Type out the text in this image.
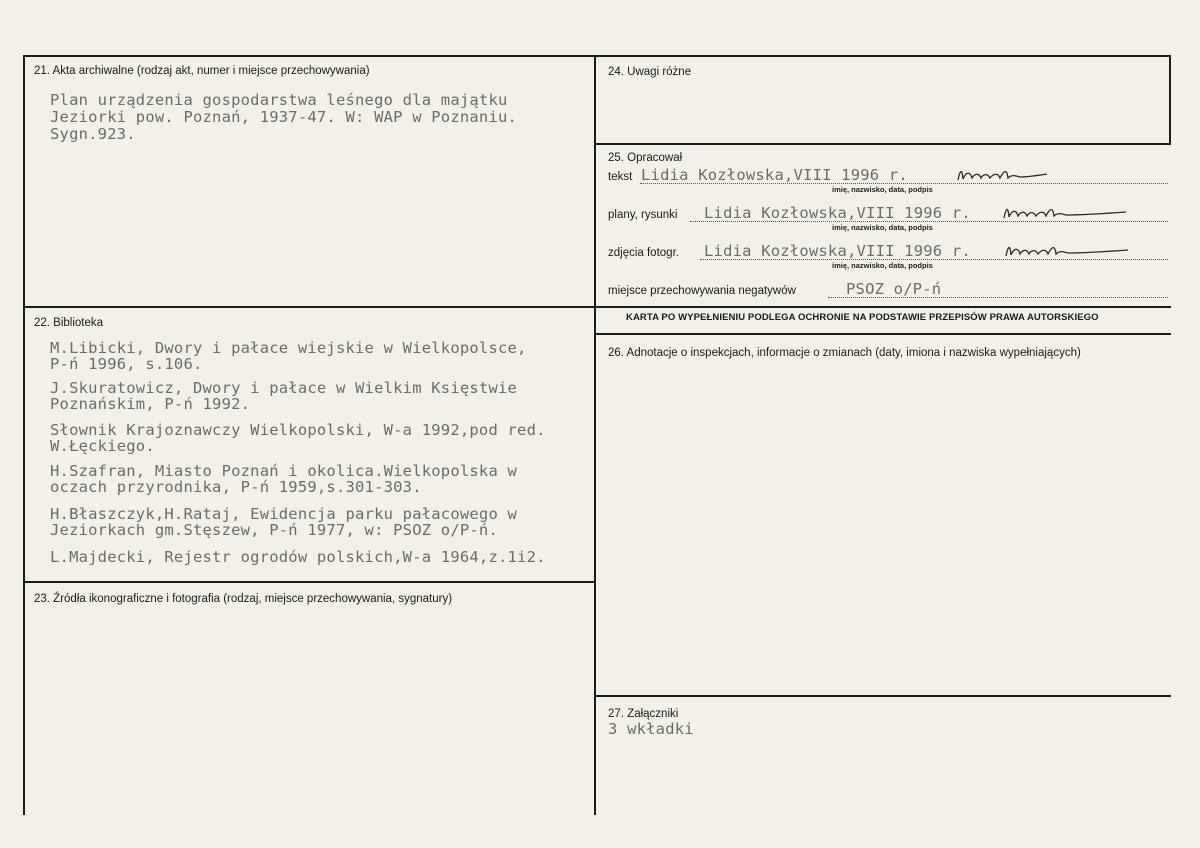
21. Akta archiwalne (rodzaj akt, numer i miejsce przechowywania)
Plan urządzenia gospodarstwa leśnego dla majątku
Jeziorki pow. Poznań, 1937-47. W: WAP w Poznaniu.
Sygn.923.
22. Biblioteka
M.Libicki, Dwory i pałace wiejskie w Wielkopolsce,
P-ń 1996, s.106.
J.Skuratowicz, Dwory i pałace w Wielkim Księstwie
Poznańskim, P-ń 1992.
Słownik Krajoznawczy Wielkopolski, W-a 1992,pod red.
W.Łęckiego.
H.Szafran, Miasto Poznań i okolica.Wielkopolska w
oczach przyrodnika, P-ń 1959,s.301-303.
H.Błaszczyk,H.Rataj, Ewidencja parku pałacowego w
Jeziorkach gm.Stęszew, P-ń 1977, w: PSOZ o/P-ń.
L.Majdecki, Rejestr ogrodów polskich,W-a 1964,z.1i2.
23. Źródła ikonograficzne i fotografia (rodzaj, miejsce przechowywania, sygnatury)
24. Uwagi różne
25. Opracował
tekst Lidia Kozłowska,VIII 1996 r.
imię, nazwisko, data, podpis
plany, rysunki Lidia Kozłowska,VIII 1996 r.
imię, nazwisko, data, podpis
zdjęcia fotogr. Lidia Kozłowska,VIII 1996 r.
imię, nazwisko, data, podpis
miejsce przechowywania negatywów	PSOZ o/P-ń
KARTA PO WYPEŁNIENIU PODLEGA OCHRONIE NA PODSTAWIE PRZEPISÓW PRAWA AUTORSKIEGO
26. Adnotacje o inspekcjach, informacje o zmianach (daty, imiona i nazwiska wypełniających)
27. Załączniki
3 wkładki
